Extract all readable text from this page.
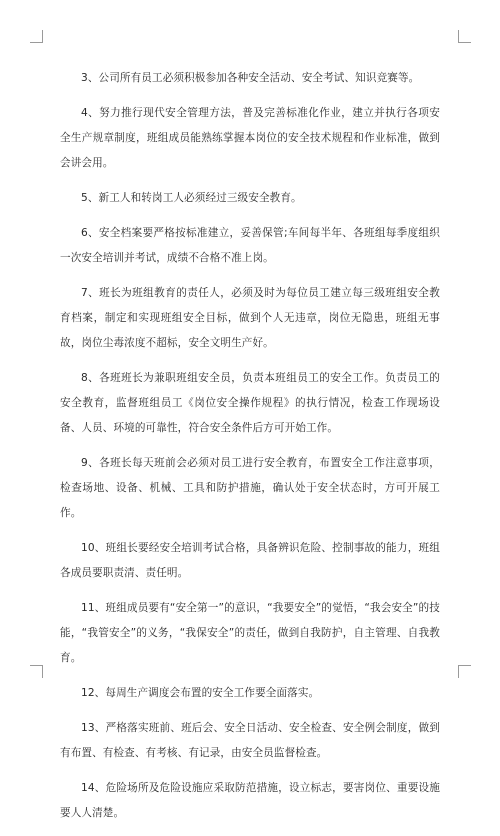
3、公司所有员工必须积极参加各种安全活动、安全考试、知识竞赛等。

4、努力推行现代安全管理方法，普及完善标准化作业，建立并执行各项安全生产规章制度，班组成员能熟练掌握本岗位的安全技术规程和作业标准，做到会讲会用。

5、新工人和转岗工人必须经过三级安全教育。

6、安全档案要严格按标准建立，妥善保管;车间每半年、各班组每季度组织一次安全培训并考试，成绩不合格不准上岗。

7、班长为班组教育的责任人，必须及时为每位员工建立每三级班组安全教育档案，制定和实现班组安全目标，做到个人无违章，岗位无隐患，班组无事故，岗位尘毒浓度不超标，安全文明生产好。

8、各班班长为兼职班组安全员，负责本班组员工的安全工作。负责员工的安全教育，监督班组员工《岗位安全操作规程》的执行情况，检查工作现场设备、人员、环境的可靠性，符合安全条件后方可开始工作。

9、各班长每天班前会必须对员工进行安全教育，布置安全工作注意事项，检查场地、设备、机械、工具和防护措施，确认处于安全状态时，方可开展工作。

10、班组长要经安全培训考试合格，具备辨识危险、控制事故的能力，班组各成员要职责清、责任明。

11、班组成员要有“安全第一”的意识，“我要安全”的觉悟，“我会安全”的技能，“我管安全”的义务，“我保安全”的责任，做到自我防护，自主管理、自我教育。

12、每周生产调度会布置的安全工作要全面落实。

13、严格落实班前、班后会、安全日活动、安全检查、安全例会制度，做到有布置、有检查、有考核、有记录，由安全员监督检查。

14、危险场所及危险设施应采取防范措施，设立标志，要害岗位、重要设施要人人清楚。
